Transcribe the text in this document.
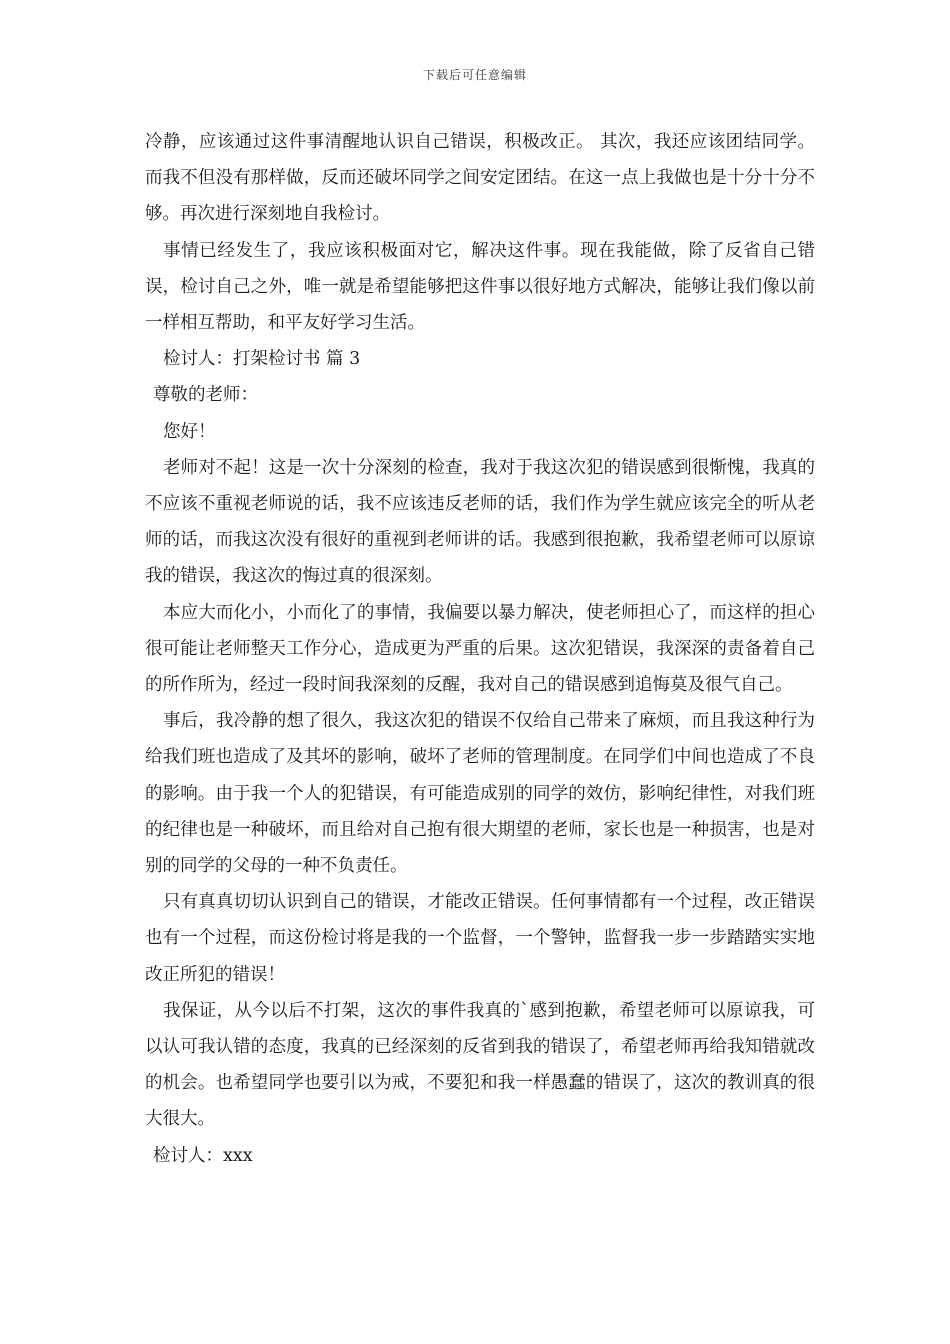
下载后可任意编辑

冷静，应该通过这件事清醒地认识自己错误，积极改正。 其次，我还应该团结同学。而我不但没有那样做，反而还破坏同学之间安定团结。在这一点上我做也是十分十分不够。再次进行深刻地自我检讨。

事情已经发生了，我应该积极面对它，解决这件事。现在我能做，除了反省自己错误，检讨自己之外，唯一就是希望能够把这件事以很好地方式解决，能够让我们像以前一样相互帮助，和平友好学习生活。

检讨人：打架检讨书 篇 3

尊敬的老师：

您好！

老师对不起！这是一次十分深刻的检查，我对于我这次犯的错误感到很惭愧，我真的不应该不重视老师说的话，我不应该违反老师的话，我们作为学生就应该完全的听从老师的话，而我这次没有很好的重视到老师讲的话。我感到很抱歉，我希望老师可以原谅我的错误，我这次的悔过真的很深刻。

本应大而化小，小而化了的事情，我偏要以暴力解决，使老师担心了，而这样的担心很可能让老师整天工作分心，造成更为严重的后果。这次犯错误，我深深的责备着自己的所作所为，经过一段时间我深刻的反醒，我对自己的错误感到追悔莫及很气自己。

事后，我冷静的想了很久，我这次犯的错误不仅给自己带来了麻烦，而且我这种行为给我们班也造成了及其坏的影响，破坏了老师的管理制度。在同学们中间也造成了不良的影响。由于我一个人的犯错误，有可能造成别的同学的效仿，影响纪律性，对我们班的纪律也是一种破坏，而且给对自己抱有很大期望的老师，家长也是一种损害，也是对别的同学的父母的一种不负责任。

只有真真切切认识到自己的错误，才能改正错误。任何事情都有一个过程，改正错误也有一个过程，而这份检讨将是我的一个监督，一个警钟，监督我一步一步踏踏实实地改正所犯的错误！

我保证，从今以后不打架，这次的事件我真的`感到抱歉，希望老师可以原谅我，可以认可我认错的态度，我真的已经深刻的反省到我的错误了，希望老师再给我知错就改的机会。也希望同学也要引以为戒，不要犯和我一样愚蠢的错误了，这次的教训真的很大很大。

检讨人：xxx
